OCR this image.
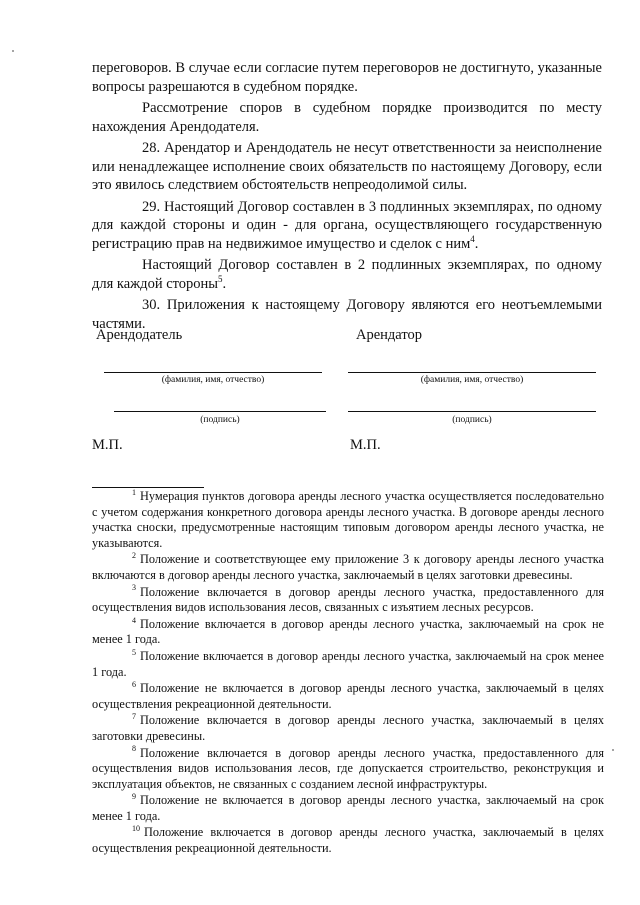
переговоров. В случае если согласие путем переговоров не достигнуто, указанные вопросы разрешаются в судебном порядке.

Рассмотрение споров в судебном порядке производится по месту нахождения Арендодателя.

28. Арендатор и Арендодатель не несут ответственности за неисполнение или ненадлежащее исполнение своих обязательств по настоящему Договору, если это явилось следствием обстоятельств непреодолимой силы.

29. Настоящий Договор составлен в 3 подлинных экземплярах, по одному для каждой стороны и один - для органа, осуществляющего государственную регистрацию прав на недвижимое имущество и сделок с ним$^4$.

Настоящий Договор составлен в 2 подлинных экземплярах, по одному для каждой стороны$^5$.

30. Приложения к настоящему Договору являются его неотъемлемыми частями.

Арендодатель	Арендатор
(фамилия, имя, отчество)	(фамилия, имя, отчество)
(подпись)	(подпись)
М.П.	М.П.

$^1$ Нумерация пунктов договора аренды лесного участка осуществляется последовательно с учетом содержания конкретного договора аренды лесного участка. В договоре аренды лесного участка сноски, предусмотренные настоящим типовым договором аренды лесного участка, не указываются.

$^2$ Положение и соответствующее ему приложение 3 к договору аренды лесного участка включаются в договор аренды лесного участка, заключаемый в целях заготовки древесины.

$^3$ Положение включается в договор аренды лесного участка, предоставленного для осуществления видов использования лесов, связанных с изъятием лесных ресурсов.

$^4$ Положение включается в договор аренды лесного участка, заключаемый на срок не менее 1 года.

$^5$ Положение включается в договор аренды лесного участка, заключаемый на срок менее 1 года.

$^6$ Положение не включается в договор аренды лесного участка, заключаемый в целях осуществления рекреационной деятельности.

$^7$ Положение включается в договор аренды лесного участка, заключаемый в целях заготовки древесины.

$^8$ Положение включается в договор аренды лесного участка, предоставленного для осуществления видов использования лесов, где допускается строительство, реконструкция и эксплуатация объектов, не связанных с созданием лесной инфраструктуры.

$^9$ Положение не включается в договор аренды лесного участка, заключаемый на срок менее 1 года.

$^{10}$ Положение включается в договор аренды лесного участка, заключаемый в целях осуществления рекреационной деятельности.
